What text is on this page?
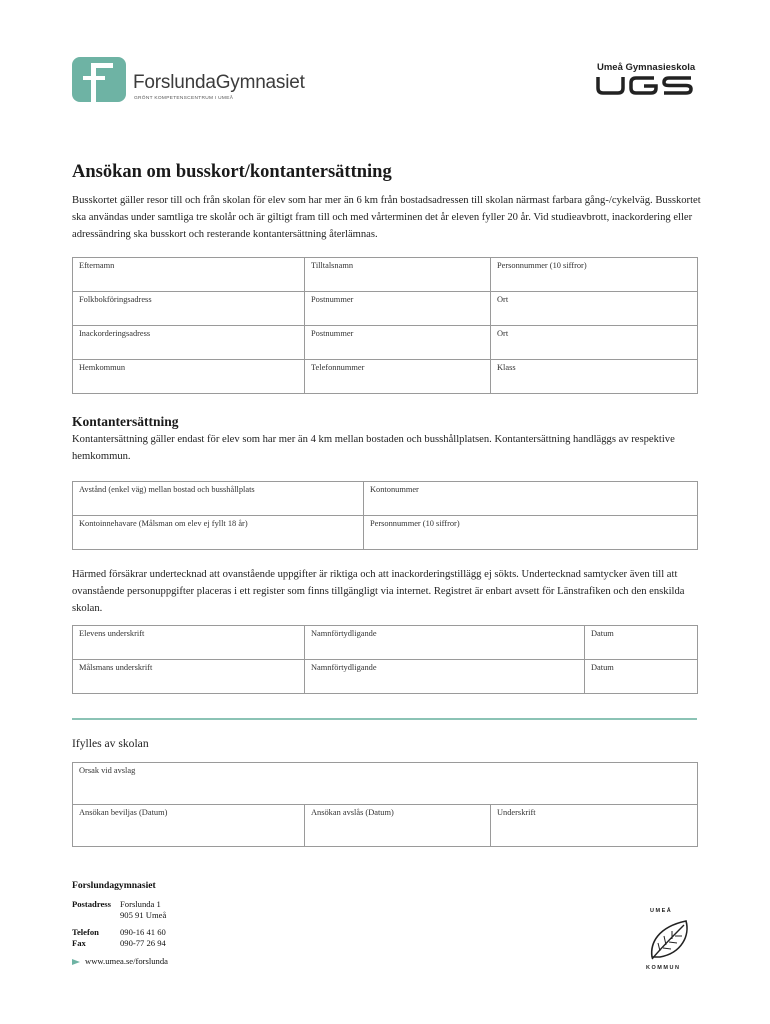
ForslundaGymnasiet
GRÖNT KOMPETENSCENTRUM I UMEÅ
Umeå Gymnasieskola
Ansökan om busskort/kontantersättning

Busskortet gäller resor till och från skolan för elev som har mer än 6 km från bostadsadressen till skolan närmast farbara gång-/cykelväg. Busskortet ska användas under samtliga tre skolår och är giltigt fram till och med vårterminen det år eleven fyller 20 år. Vid studieavbrott, inackordering eller adressändring ska busskort och resterande kontantersättning återlämnas.

Efternamn	Tilltalsnamn	Personnummer (10 siffror)
Folkbokföringsadress	Postnummer	Ort
Inackorderingsadress	Postnummer	Ort
Hemkommun	Telefonnummer	Klass
Kontantersättning

Kontantersättning gäller endast för elev som har mer än 4 km mellan bostaden och busshållplatsen. Kontantersättning handläggs av respektive hemkommun.

Avstånd (enkel väg) mellan bostad och busshållplats	Kontonummer
Kontoinnehavare (Målsman om elev ej fyllt 18 år)	Personnummer (10 siffror)

Härmed försäkrar undertecknad att ovanstående uppgifter är riktiga och att inackorderingstillägg ej sökts. Undertecknad samtycker även till att ovanstående personuppgifter placeras i ett register som finns tillgängligt via internet. Registret är enbart avsett för Länstrafiken och den enskilda skolan.

Elevens underskrift	Namnförtydligande	Datum
Målsmans underskrift	Namnförtydligande	Datum
Ifylles av skolan
Orsak vid avslag
Ansökan beviljas (Datum)	Ansökan avslås (Datum)	Underskrift
Forslundagymnasiet
Postadress Forslunda 1
905 91 Umeå
Telefon 090-16 41 60
Fax	090-77 26 94
www.umea.se/forslunda
U M E Å
K O M M U N
